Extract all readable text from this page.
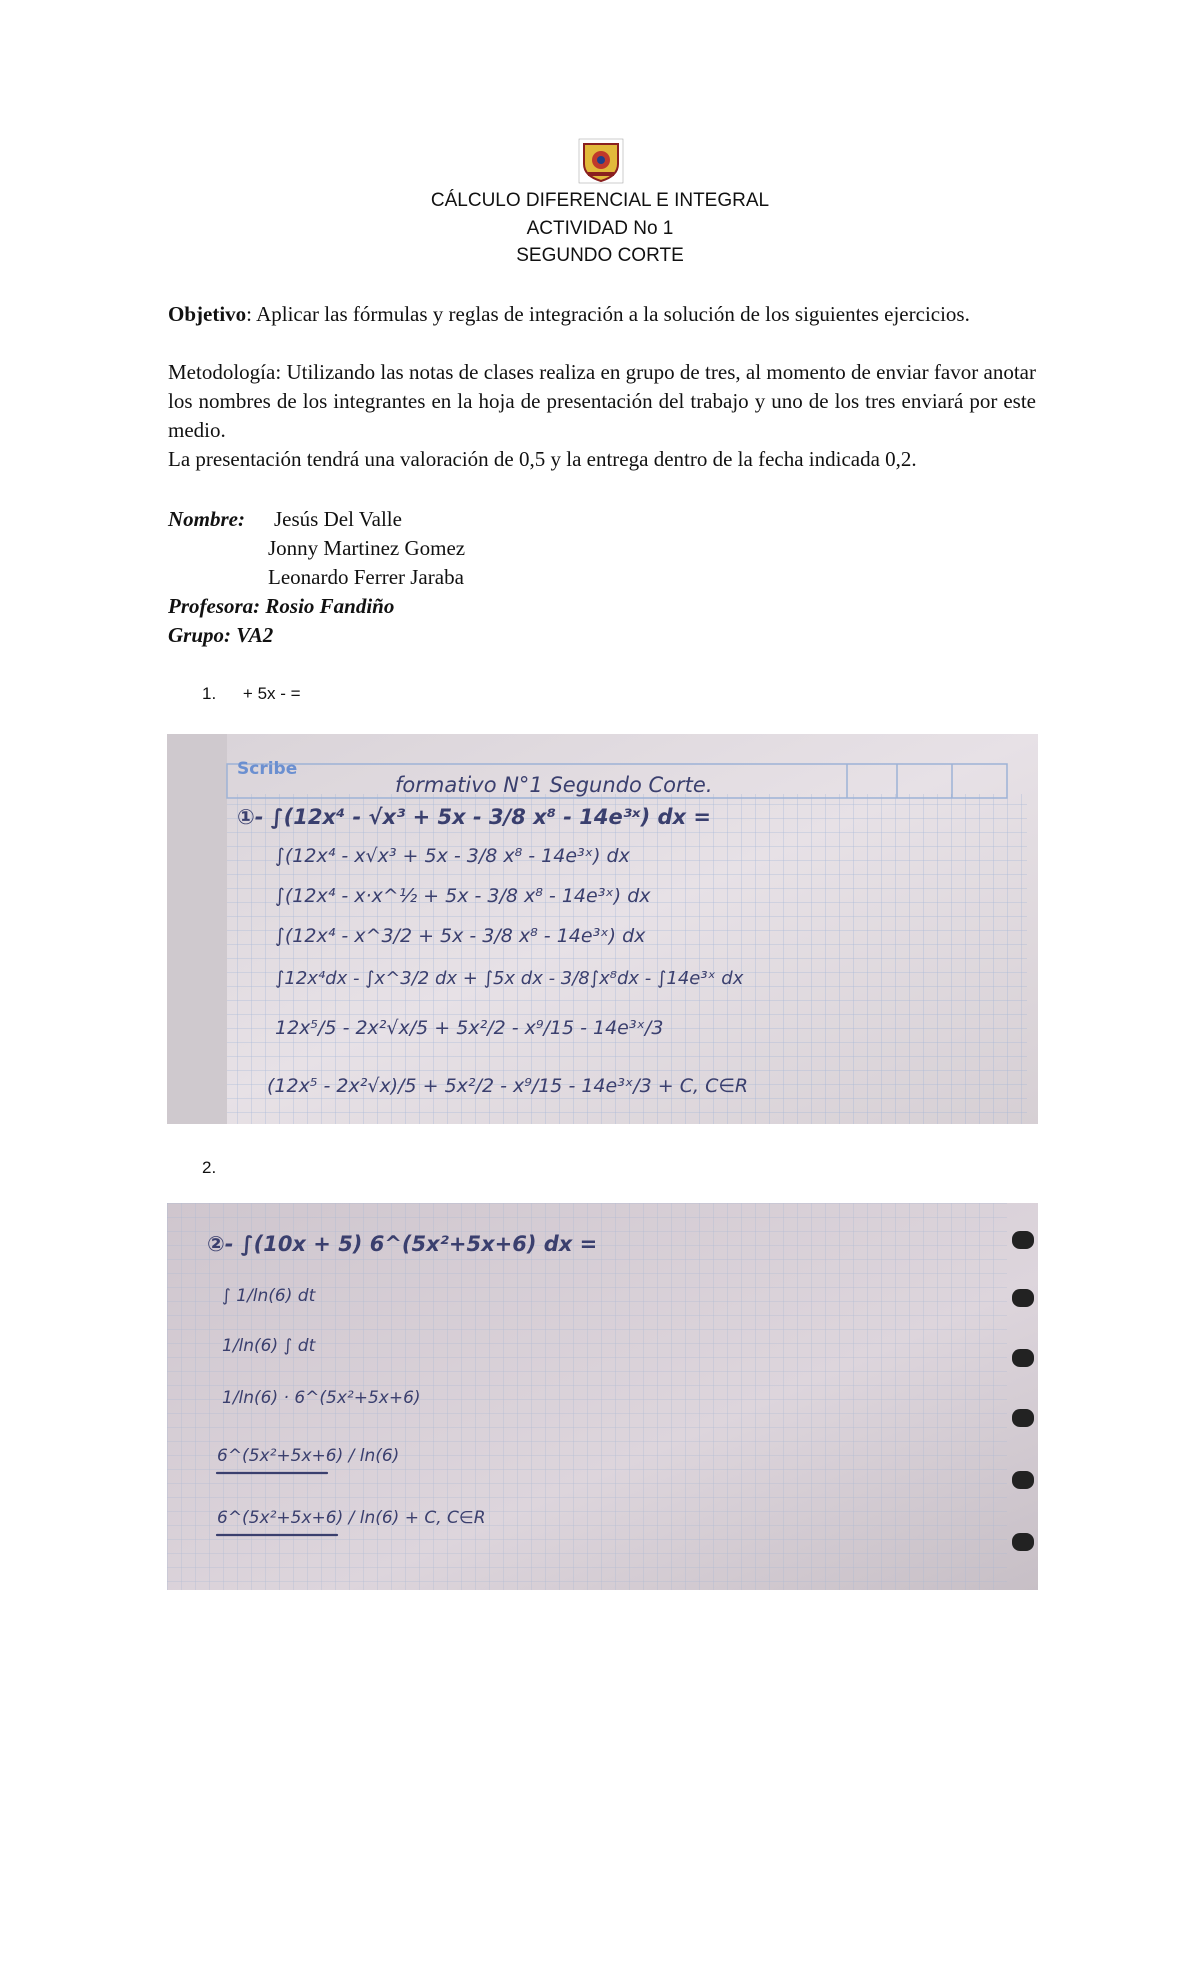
CÁLCULO DIFERENCIAL E INTEGRAL
ACTIVIDAD No 1
SEGUNDO CORTE
Objetivo: Aplicar las fórmulas y reglas de integración a la solución de los siguientes ejercicios.
Metodología: Utilizando las notas de clases realiza en grupo de tres, al momento de enviar favor anotar los nombres de los integrantes en la hoja de presentación del trabajo y uno de los tres enviará por este medio.
La presentación tendrá una valoración de 0,5 y la entrega dentro de la fecha indicada 0,2.
Nombre: Jesús Del Valle
Jonny Martinez Gomez
Leonardo Ferrer Jaraba
Profesora: Rosio Fandiño
Grupo: VA2
1. + 5x - =
Scribe
formativo N°1 Segundo Corte.
①- ∫(12x⁴ - √x³ + 5x - 3/8 x⁸ - 14e³ˣ) dx =
∫(12x⁴ - x√x³ + 5x - 3/8 x⁸ - 14e³ˣ) dx
∫(12x⁴ - x·x^½ + 5x - 3/8 x⁸ - 14e³ˣ) dx
∫(12x⁴ - x^3/2 + 5x - 3/8 x⁸ - 14e³ˣ) dx
∫12x⁴dx - ∫x^3/2 dx + ∫5x dx - 3/8∫x⁸dx - ∫14e³ˣ dx
12x⁵/5 - 2x²√x/5 + 5x²/2 - x⁹/15 - 14e³ˣ/3
(12x⁵ - 2x²√x)/5 + 5x²/2 - x⁹/15 - 14e³ˣ/3 + C, C∈R
2.
②- ∫(10x + 5) 6^(5x²+5x+6) dx =
∫ 1/ln(6) dt
1/ln(6) ∫ dt
1/ln(6) · 6^(5x²+5x+6)
6^(5x²+5x+6) / ln(6)
6^(5x²+5x+6) / ln(6) + C, C∈R
